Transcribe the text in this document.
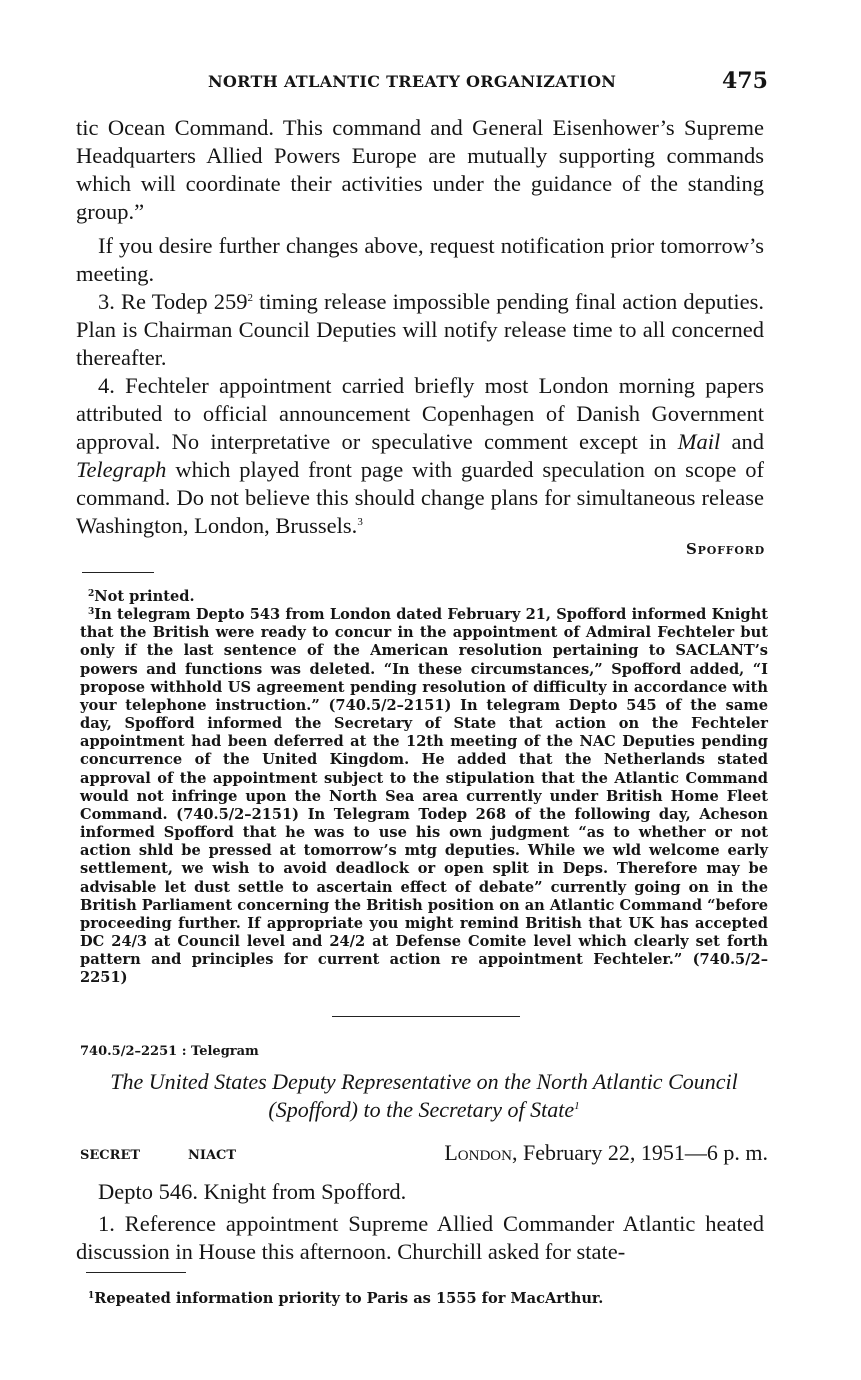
NORTH ATLANTIC TREATY ORGANIZATION	475

tic Ocean Command. This command and General Eisenhower’s Supreme Headquarters Allied Powers Europe are mutually supporting commands which will coordinate their activities under the guidance of the standing group.”

If you desire further changes above, request notification prior tomorrow’s meeting.

3. Re Todep $259^2$ timing release impossible pending final action deputies. Plan is Chairman Council Deputies will notify release time to all concerned thereafter.

4. Fechteler appointment carried briefly most London morning papers attributed to official announcement Copenhagen of Danish Government approval. No interpretative or speculative comment except in Mail and Telegraph which played front page with guarded speculation on scope of command. Do not believe this should change plans for simultaneous release Washington, London, Brussels.$^3$

Spofford

$^2$Not printed.

$^3$In telegram Depto 543 from London dated February 21, Spofford informed Knight that the British were ready to concur in the appointment of Admiral Fechteler but only if the last sentence of the American resolution pertaining to SACLANT’s powers and functions was deleted. “In these circumstances,” Spofford added, “I propose withhold US agreement pending resolution of difficulty in accordance with your telephone instruction.” (740.5/2–2151) In telegram Depto 545 of the same day, Spofford informed the Secretary of State that action on the Fechteler appointment had been deferred at the 12th meeting of the NAC Deputies pending concurrence of the United Kingdom. He added that the Netherlands stated approval of the appointment subject to the stipulation that the Atlantic Command would not infringe upon the North Sea area currently under British Home Fleet Command. (740.5/2–2151) In Telegram Todep 268 of the following day, Acheson informed Spofford that he was to use his own judgment “as to whether or not action shld be pressed at tomorrow’s mtg deputies. While we wld welcome early settlement, we wish to avoid deadlock or open split in Deps. Therefore may be advisable let dust settle to ascertain effect of debate” currently going on in the British Parliament concerning the British position on an Atlantic Command “before proceeding further. If appropriate you might remind British that UK has accepted DC 24/3 at Council level and 24/2 at Defense Comite level which clearly set forth pattern and principles for current action re appointment Fechteler.” (740.5/2–2251)

740.5/2–2251 : Telegram
The United States Deputy Representative on the North Atlantic Council (Spofford) to the Secretary of State$^1$
SECRET	NIACT	London, February 22, 1951—6 p. m.

Depto 546. Knight from Spofford.

1. Reference appointment Supreme Allied Commander Atlantic heated discussion in House this afternoon. Churchill asked for state-

$^1$Repeated information priority to Paris as 1555 for MacArthur.
